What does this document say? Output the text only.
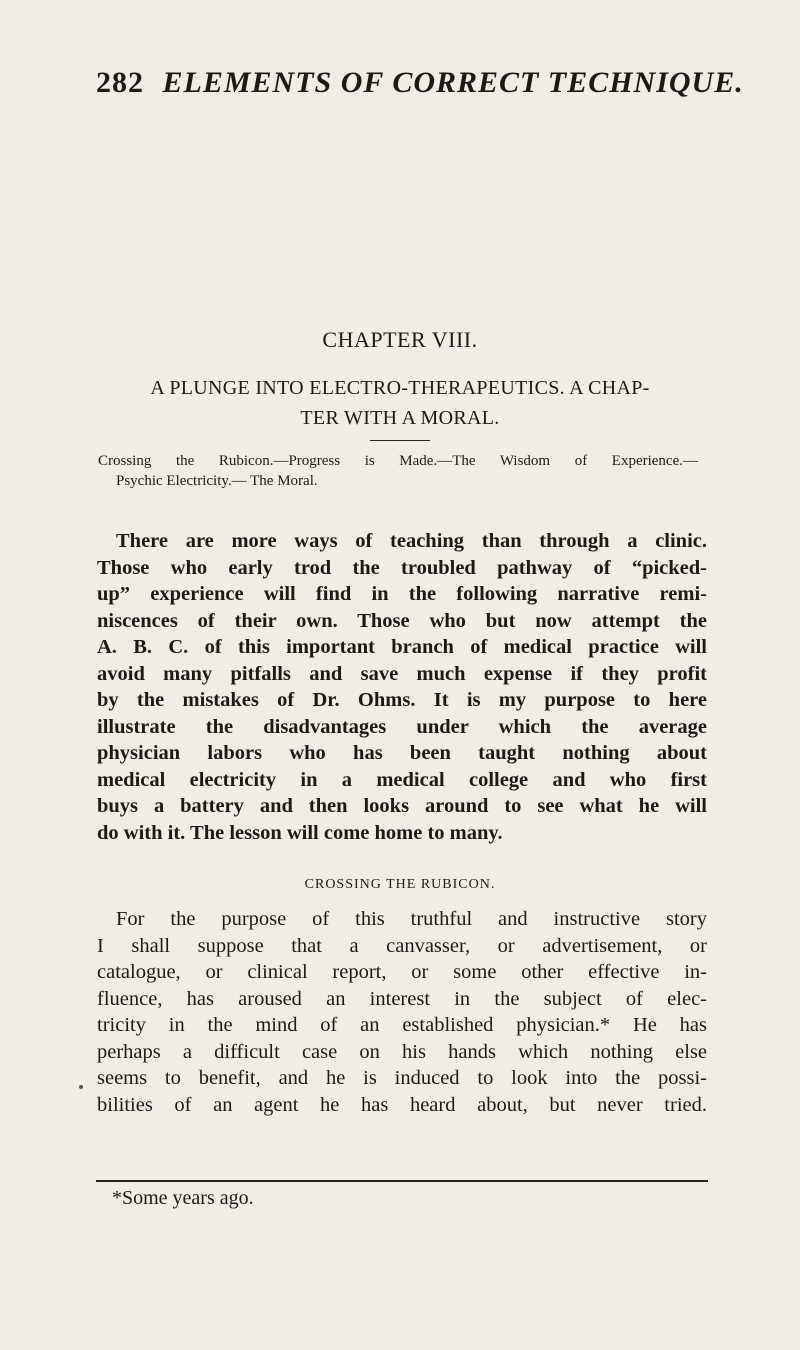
282 ELEMENTS OF CORRECT TECHNIQUE.
CHAPTER VIII.
A PLUNGE INTO ELECTRO-THERAPEUTICS. A CHAP-
TER WITH A MORAL.
Crossing the Rubicon.—Progress is Made.—The Wisdom of Experience.—
Psychic Electricity.— The Moral.
There are more ways of teaching than through a clinic.
Those who early trod the troubled pathway of “picked-
up” experience will find in the following narrative remi-
niscences of their own. Those who but now attempt the
A. B. C. of this important branch of medical practice will
avoid many pitfalls and save much expense if they profit
by the mistakes of Dr. Ohms. It is my purpose to here
illustrate the disadvantages under which the average
physician labors who has been taught nothing about
medical electricity in a medical college and who first
buys a battery and then looks around to see what he will
do with it. The lesson will come home to many.
CROSSING THE RUBICON.
For the purpose of this truthful and instructive story
I shall suppose that a canvasser, or advertisement, or
catalogue, or clinical report, or some other effective in-
fluence, has aroused an interest in the subject of elec-
tricity in the mind of an established physician.* He has
perhaps a difficult case on his hands which nothing else
seems to benefit, and he is induced to look into the possi-
bilities of an agent he has heard about, but never tried.
*Some years ago.
